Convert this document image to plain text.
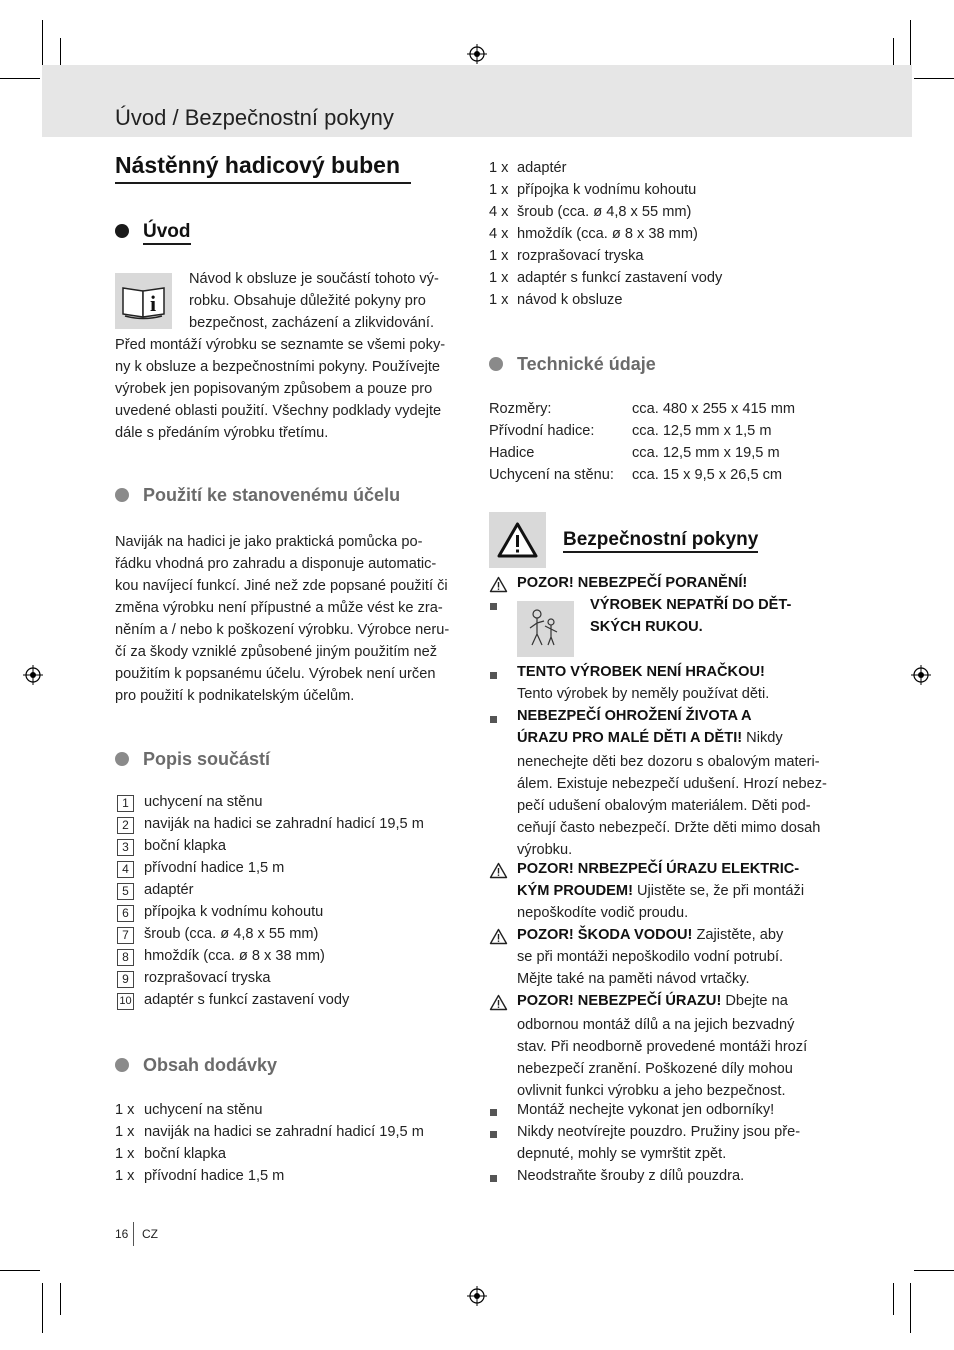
Úvod / Bezpečnostní pokyny
Nástěnný hadicový buben
Úvod
i
Návod k obsluze je součástí tohoto vý-
robku. Obsahuje důležité pokyny pro
bezpečnost, zacházení a zlikvidování.
Před montáží výrobku se seznamte se všemi poky-
ny k obsluze a bezpečnostními pokyny. Používejte
výrobek jen popisovaným způsobem a pouze pro
uvedené oblasti použití. Všechny podklady vydejte
dále s předáním výrobku třetímu.
Použití ke stanovenému účelu
Naviják na hadici je jako praktická pomůcka po-
řádku vhodná pro zahradu a disponuje automatic-
kou navíjecí funkcí. Jiné než zde popsané použití či
změna výrobku není přípustné a může vést ke zra-
něním a / nebo k poškození výrobku. Výrobce neru-
čí za škody vzniklé způsobené jiným použitím než
použitím k popsanému účelu. Výrobek není určen
pro použití k podnikatelským účelům.
Popis součástí
1	uchycení na stěnu
2	naviják na hadici se zahradní hadicí 19,5 m
3	boční klapka
4	přívodní hadice 1,5 m
5	adaptér
6	přípojka k vodnímu kohoutu
7	šroub (cca. ø 4,8 x 55 mm)
8	hmoždík (cca. ø 8 x 38 mm)
9	rozprašovací tryska
10 adaptér s funkcí zastavení vody
Obsah dodávky
1 x uchycení na stěnu
1 x naviják na hadici se zahradní hadicí 19,5 m
1 x boční klapka
1 x přívodní hadice 1,5 m
1 x adaptér
1 x přípojka k vodnímu kohoutu
4 x šroub (cca. ø 4,8 x 55 mm)
4 x hmoždík (cca. ø 8 x 38 mm)
1 x rozprašovací tryska
1 x adaptér s funkcí zastavení vody
1 x návod k obsluze
Technické údaje
Rozměry:	cca. 480 x 255 x 415 mm
Přívodní hadice:	cca. 12,5 mm x 1,5 m
Hadice	cca. 12,5 mm x 19,5 m
Uchycení na stěnu: cca. 15 x 9,5 x 26,5 cm
Bezpečnostní pokyny
POZOR! NEBEZPEČÍ PORANĚNÍ!
VÝROBEK NEPATŘÍ DO DĚT-
SKÝCH RUKOU.
TENTO VÝROBEK NENÍ HRAČKOU!
Tento výrobek by neměly používat děti.
NEBEZPEČÍ OHROŽENÍ ŽIVOTA A
ÚRAZU PRO MALÉ DĚTI A DĚTI! Nikdy
nenechejte děti bez dozoru s obalovým materi-
álem. Existuje nebezpečí udušení. Hrozí nebez-
pečí udušení obalovým materiálem. Děti pod-
ceňují často nebezpečí. Držte děti mimo dosah
výrobku.
POZOR! NRBEZPEČÍ ÚRAZU ELEKTRIC-
KÝM PROUDEM! Ujistěte se, že při montáži
nepoškodíte vodič proudu.
POZOR! ŠKODA VODOU! Zajistěte, aby
se při montáži nepoškodilo vodní potrubí.
Mějte také na paměti návod vrtačky.
POZOR! NEBEZPEČÍ ÚRAZU! Dbejte na
odbornou montáž dílů a na jejich bezvadný
stav. Při neodborně provedené montáži hrozí
nebezpečí zranění. Poškozené díly mohou
ovlivnit funkci výrobku a jeho bezpečnost.
Montáž nechejte vykonat jen odborníky!
Nikdy neotvírejte pouzdro. Pružiny jsou pře-
depnuté, mohly se vymrštit zpět.
Neodstraňte šrouby z dílů pouzdra.
16 CZ
